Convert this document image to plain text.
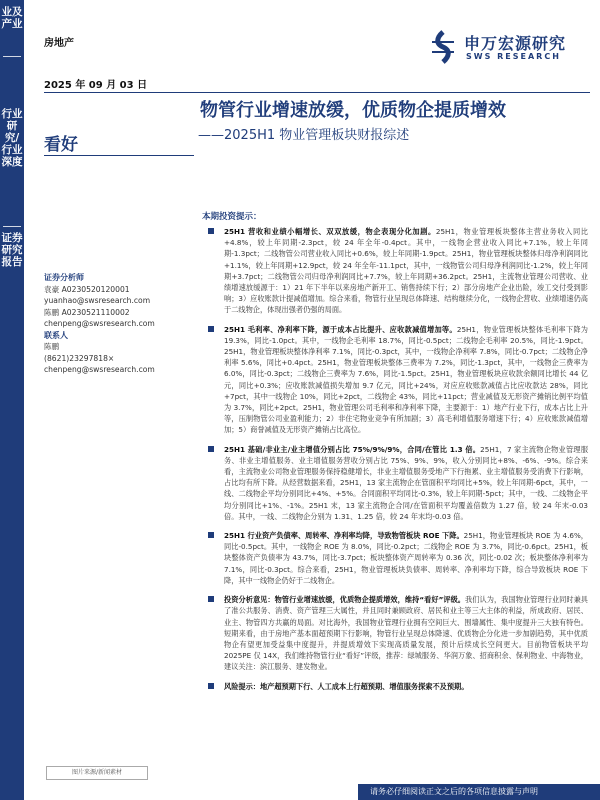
业及产业
行业研究/行业深度
证券研究报告
房地产	申万宏源研究
SWS RESEARCH
2025 年 09 月 03 日
物管行业增速放缓，优质物企提质增效
——2025H1 物业管理板块财报综述
看好
证券分析师
袁豪 A0230520120001
yuanhao@swsresearch.com
陈鹏 A0230521110002
chenpeng@swsresearch.com
联系人
陈鹏
(8621)23297818×
chenpeng@swsresearch.com
本期投资提示：
25H1 营收和业绩小幅增长、双双放缓，物企表现分化加剧。25H1，物业管理板块整体主营业务收入同比+4.8%，较上年同期-2.3pct，较 24 年全年-0.4pct。其中，一线物企营业收入同比+7.1%，较上年同期-1.3pct；二线物管公司营业收入同比+0.6%，较上年同期-1.9pct。25H1，物业管理板块整体归母净利润同比+1.1%，较上年同期+12.9pct，较 24 年全年-11.1pct，其中，一线物管公司归母净利润同比-1.2%，较上年同期+3.7pct；二线物管公司归母净利润同比+7.7%，较上年同期+36.2pct。25H1，主流物业管理公司营收、业绩增速放缓源于：1）21 年下半年以来房地产新开工、销售持续下行；2）部分房地产企业出险，竣工交付受到影响；3）应收账款计提减值增加。综合来看，物管行业呈现总体降速、结构继续分化，一线物企营收、业绩增速仍高于二线物企，体现出强者仍强的局面。
25H1 毛利率、净利率下降，源于成本占比提升、应收款减值增加等。25H1，物业管理板块整体毛利率下降为 19.3%，同比-1.0pct。其中，一线物企毛利率 18.7%，同比-0.5pct；二线物企毛利率 20.5%，同比-1.9pct。25H1，物业管理板块整体净利率 7.1%，同比-0.3pct，其中，一线物企净利率 7.8%，同比-0.7pct；二线物企净利率 5.6%，同比+0.4pct。25H1，物业管理板块整体三费率为 7.2%，同比-1.3pct，其中，一线物企三费率为 6.0%，同比-0.3pct；二线物企三费率为 7.6%，同比-1.5pct。25H1，物业管理板块应收款余额同比增长 44 亿元，同比+0.3%；应收账款减值损失增加 9.7 亿元，同比+24%，对应应收账款减值占比应收款达 28%，同比+7pct，其中一线物企 10%，同比+2pct，二线物企 43%，同比+11pct；营业减值及无形资产摊销比例平均值为 3.7%，同比+2pct。25H1，物业管理公司毛利率和净利率下降，主要源于：1）地产行业下行，成本占比上升等，压制物管公司业盈利能力；2）非住宅物业竞争有所加剧；3）高毛利增值服务增速下行；4）应收账款减值增加；5）商誉减值及无形资产摊销占比高位。
25H1 基础/非业主/业主增值分别占比 75%/9%/9%，合同/在管比 1.3 倍。25H1，7 家主流物企物业管理服务、非业主增值服务、业主增值服务营收分别占比 75%、9%、9%，收入分别同比+8%、-6%、-9%。综合来看，主流物业公司物业管理服务保持稳健增长，非业主增值服务受地产下行拖累、业主增值服务受消费下行影响，占比均有所下降。从经营数据来看，25H1，13 家主流物企在管面积平均同比+5%，较上年同期-6pct，其中，一线、二线物企平均分别同比+4%、+5%。合同面积平均同比-0.3%，较上年同期-5pct；其中，一线、二线物企平均分别同比+1%、-1%。25H1 末，13 家主流物企合同/在管面积平均覆盖倍数为 1.27 倍，较 24 年末-0.03 倍。其中，一线、二线物企分别为 1.31、1.25 倍，较 24 年末均-0.03 倍。
25H1 行业资产负债率、周转率、净利率均降，导致物管板块 ROE 下降。25H1，物业管理板块 ROE 为 4.6%，同比-0.5pct。其中，一线物企 ROE 为 8.0%，同比-0.2pct；二线物企 ROE 为 3.7%，同比-0.6pct。25H1，板块整体资产负债率为 43.7%，同比-3.7pct；板块整体资产周转率为 0.36 次，同比-0.02 次；板块整体净利率为 7.1%，同比-0.3pct。综合来看，25H1，物业管理板块负债率、周转率、净利率均下降，综合导致板块 ROE 下降，其中一线物企仍好于二线物企。
投资分析意见：物管行业增速放缓，优质物企提质增效，维持“看好”评级。我们认为，我国物业管理行业同时兼具了准公共服务、消费、资产管理三大属性，并且同时兼顾政府、居民和业主等三大主体的利益，所成政府、居民、业主、物管四方共赢的局面。对比海外，我国物业管理行业拥有空间巨大、围墙属性、集中度提升三大独有特色。短期来看，由于房地产基本面超预期下行影响，物管行业呈现总体降速、优质物企分化进一步加剧趋势，其中优质物企有望更加受益集中度提升，并提质增效下实现高质量发展，预计后续成长空间更大。目前物管板块平均 2025PE 仅 14X，我们维持物管行业“看好”评级，推荐：绿城服务、华润万象、招商积余、保利物业、中海物业，建议关注：滨江服务、建发物业。
风险提示：地产超预期下行、人工成本上行超预期、增值服务探索不及预期。
图片来源/新闻素材
请务必仔细阅读正文之后的各项信息披露与声明
